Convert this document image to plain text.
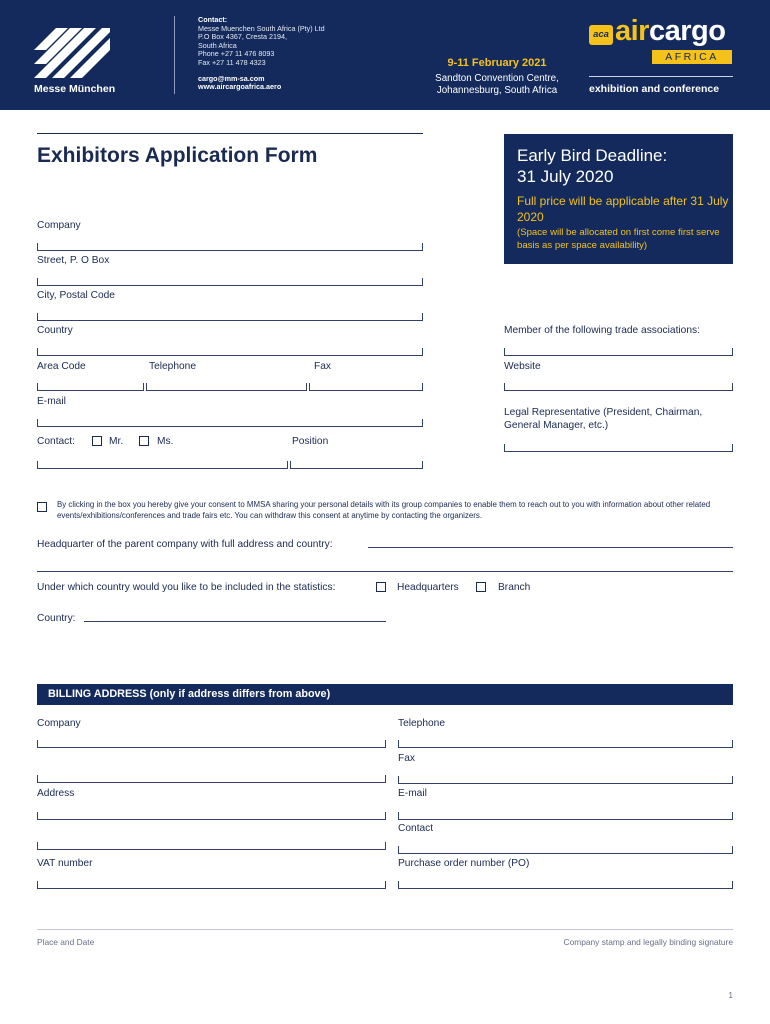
Messe München
Contact:
Messe Muenchen South Africa (Pty) Ltd
P.O Box 4367, Cresta 2194,
South Africa
Phone +27 11 476 8093
Fax +27 11 478 4323
cargo@mm-sa.com
www.aircargoafrica.aero
9-11 February 2021
Sandton Convention Centre,
Johannesburg, South Africa
aca aircargo
AFRICA
exhibition and conference
Exhibitors Application Form	Early Bird Deadline:
31 July 2020
Full price will be applicable after 31 July 2020
(Space will be allocated on first come first serve basis as per space availability)
Company
Street, P. O Box
City, Postal Code
Country
Area Code	Telephone	Fax
E-mail
Contact:	Mr.	Ms.	Position
Member of the following trade associations:
Website
Legal Representative (President, Chairman,
General Manager, etc.)
By clicking in the box you hereby give your consent to MMSA sharing your personal details with its group companies to enable them to reach out to you with information about other related events/exhibitions/conferences and trade fairs etc. You can withdraw this consent at anytime by contacting the organizers.
Headquarter of the parent company with full address and country:
Under which country would you like to be included in the statistics:	Headquarters	Branch
Country:
BILLING ADDRESS (only if address differs from above)
Company
Address
VAT number
Telephone
Fax
E-mail
Contact
Purchase order number (PO)
Place and Date	Company stamp and legally binding signature
1
